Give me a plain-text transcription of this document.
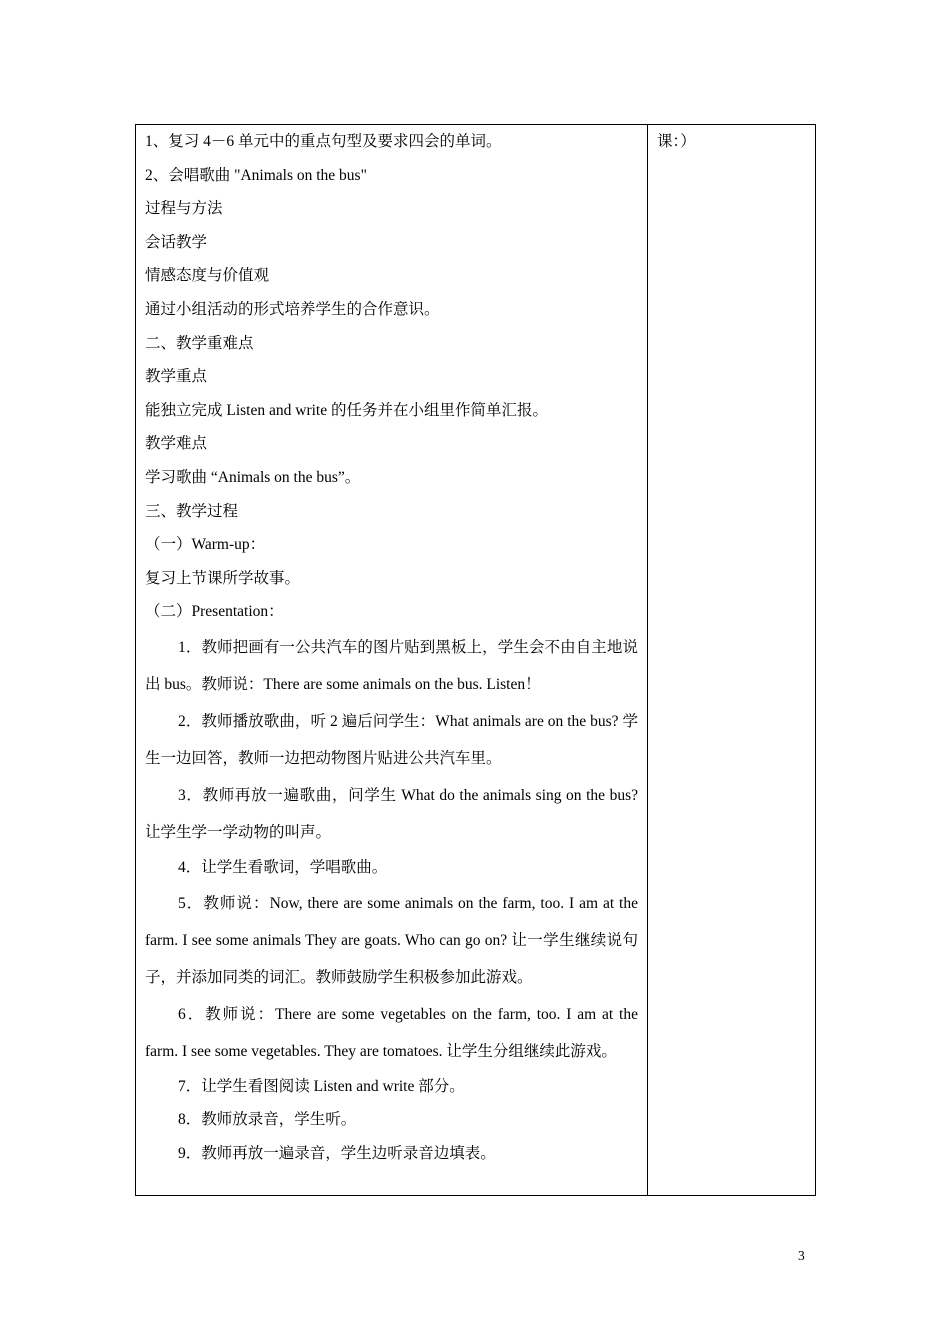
1、复习 4－6 单元中的重点句型及要求四会的单词。

2、会唱歌曲 "Animals on the bus"

过程与方法

会话教学

情感态度与价值观

通过小组活动的形式培养学生的合作意识。

二、教学重难点

教学重点

能独立完成 Listen and write 的任务并在小组里作简单汇报。

教学难点

学习歌曲 “Animals on the bus”。

三、教学过程

（一）Warm-up：

复习上节课所学故事。

（二）Presentation：

1．教师把画有一公共汽车的图片贴到黑板上，学生会不由自主地说出 bus。教师说：There are some animals on the bus. Listen！

2．教师播放歌曲，听 2 遍后问学生：What animals are on the bus? 学生一边回答，教师一边把动物图片贴进公共汽车里。

3．教师再放一遍歌曲，问学生 What do the animals sing on the bus? 让学生学一学动物的叫声。

4．让学生看歌词，学唱歌曲。

5．教师说：Now, there are some animals on the farm, too. I am at the farm. I see some animals They are goats. Who can go on? 让一学生继续说句子，并添加同类的词汇。教师鼓励学生积极参加此游戏。

6．教师说：There are some vegetables on the farm, too. I am at the farm. I see some vegetables. They are tomatoes. 让学生分组继续此游戏。

7．让学生看图阅读 Listen and write 部分。

8．教师放录音，学生听。

9．教师再放一遍录音，学生边听录音边填表。

课：）

3
